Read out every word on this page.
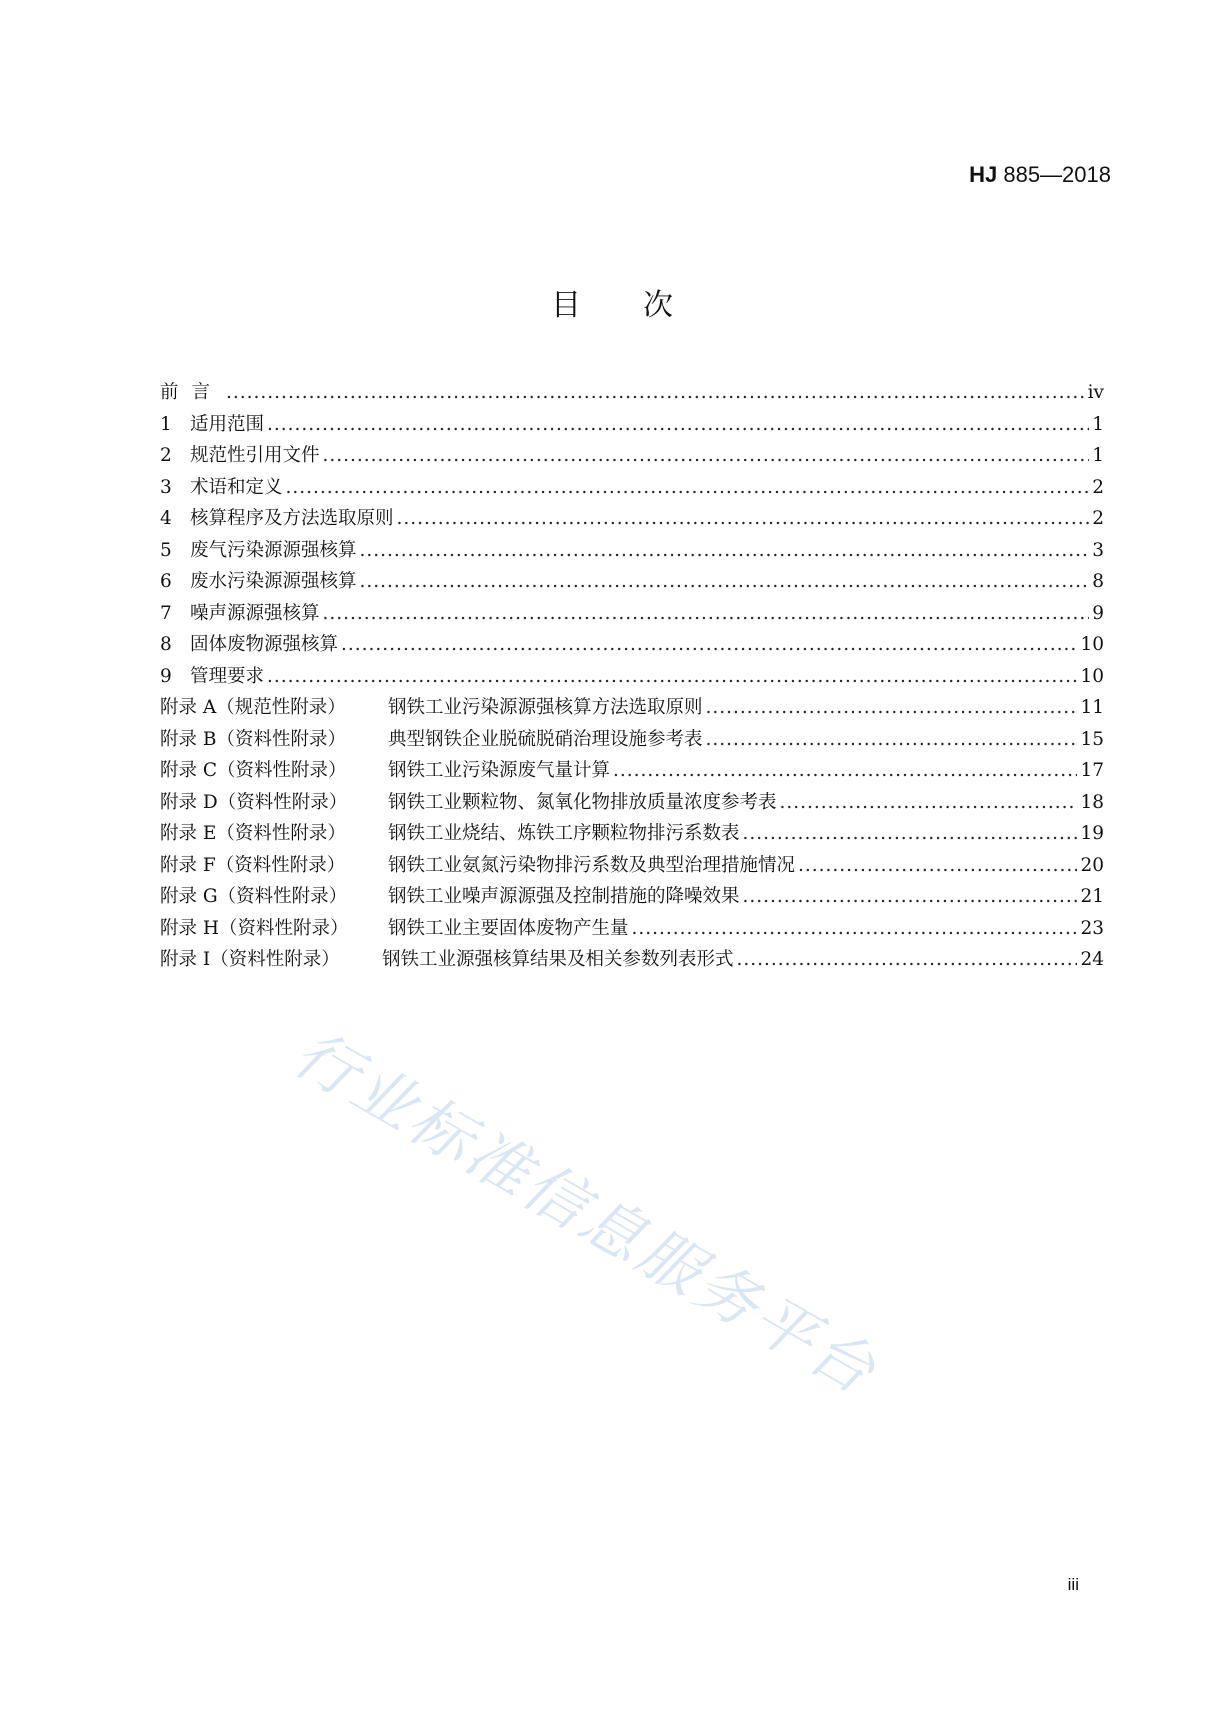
HJ 885—2018
目次
前言 .....	iv
1 适用范围 .....	1
2 规范性引用文件 .....	1
3 术语和定义 .....	2
4 核算程序及方法选取原则 .....	2
5 废气污染源源强核算 .....	3
6 废水污染源源强核算 .....	8
7 噪声源源强核算 .....	9
8 固体废物源强核算 .....	10
9 管理要求 .....	10
附录 A（规范性附录）	钢铁工业污染源源强核算方法选取原则 .....	11
附录 B（资料性附录）	典型钢铁企业脱硫脱硝治理设施参考表 .....	15
附录 C（资料性附录）	钢铁工业污染源废气量计算 .....	17
附录 D（资料性附录）	钢铁工业颗粒物、氮氧化物排放质量浓度参考表 .....	18
附录 E（资料性附录）	钢铁工业烧结、炼铁工序颗粒物排污系数表 .....	19
附录 F（资料性附录）	钢铁工业氨氮污染物排污系数及典型治理措施情况 .....	20
附录 G（资料性附录）	钢铁工业噪声源源强及控制措施的降噪效果 .....	21
附录 H（资料性附录）	钢铁工业主要固体废物产生量 .....	23
附录 I（资料性附录）	钢铁工业源强核算结果及相关参数列表形式 .....	24
行业标准信息服务平台
iii
